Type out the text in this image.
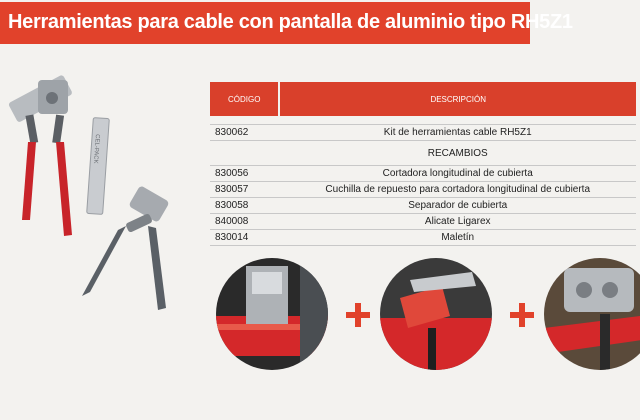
Herramientas para cable con pantalla de aluminio tipo RH5Z1
CEL-PACK
CÓDIGO	DESCRIPCIÓN

830062	Kit de herramientas cable RH5Z1
	RECAMBIOS
830056	Cortadora longitudinal de cubierta
830057	Cuchilla de repuesto para cortadora longitudinal de cubierta
830058	Separador de cubierta
840008	Alicate Ligarex
830014	Maletín
